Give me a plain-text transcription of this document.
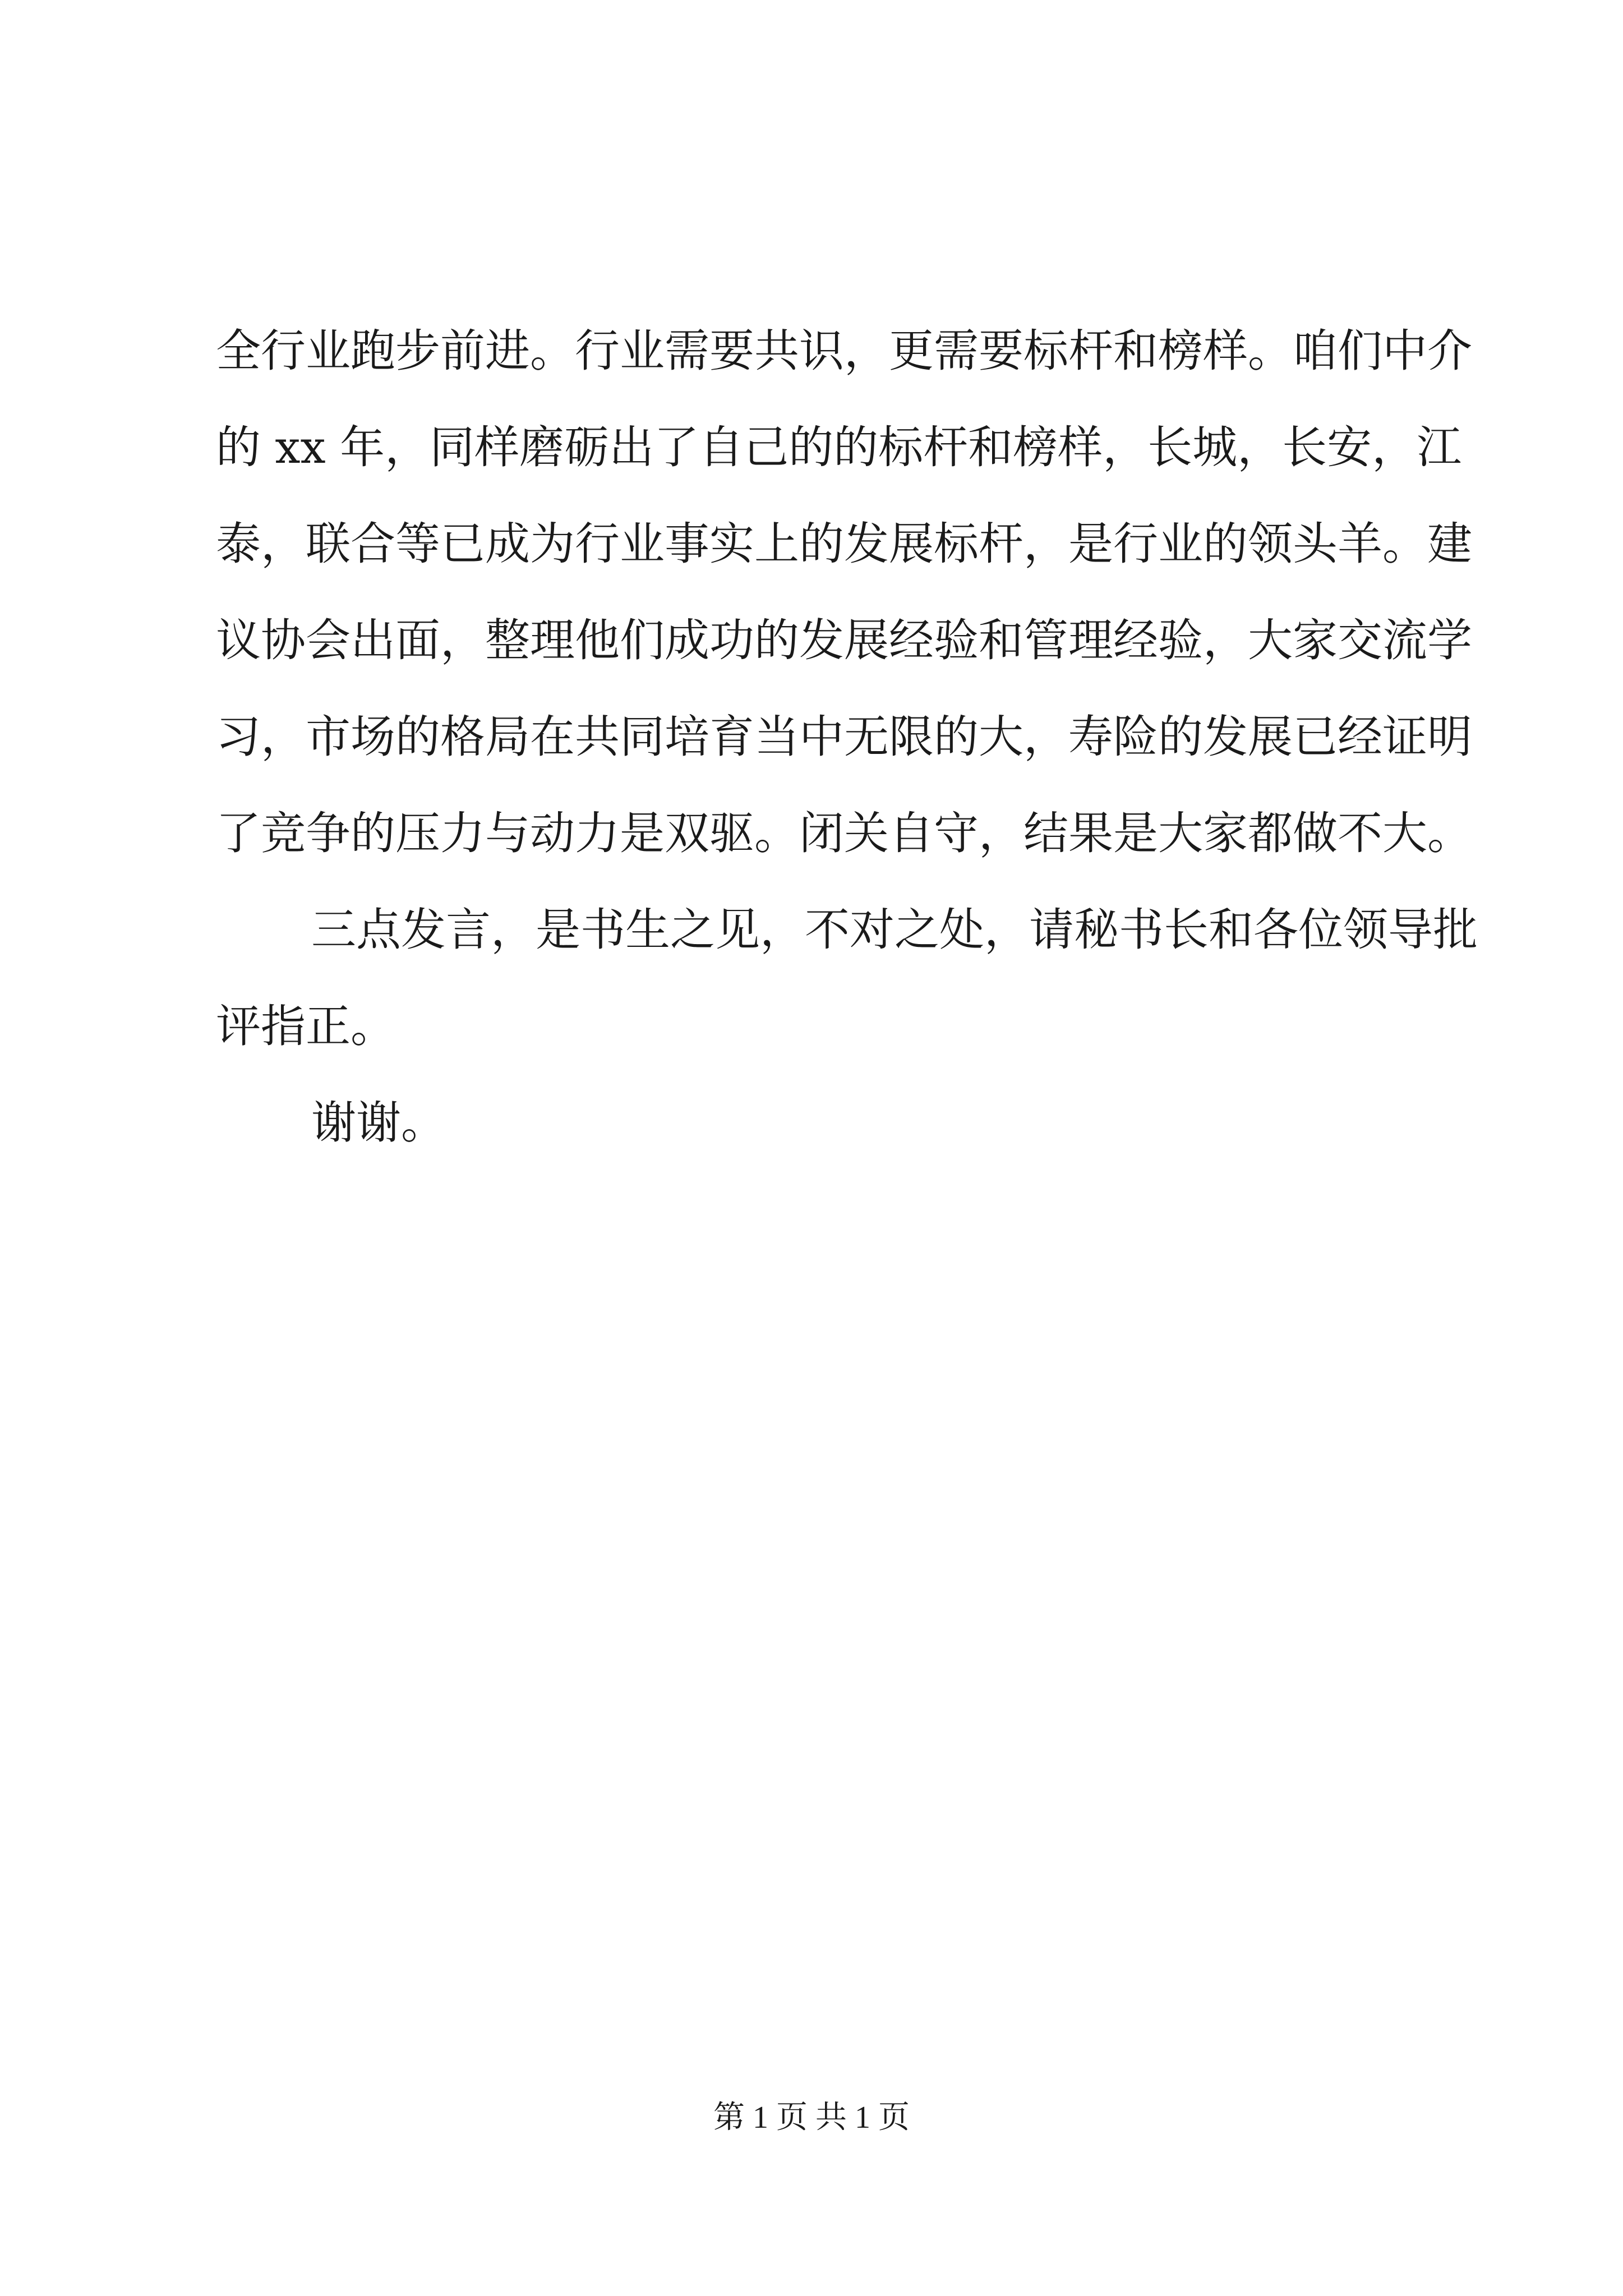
全行业跑步前进。行业需要共识，更需要标杆和榜样。咱们中介
的 xx 年，同样磨砺出了自己的的标杆和榜样，长城，长安，江
泰，联合等已成为行业事实上的发展标杆，是行业的领头羊。建
议协会出面，整理他们成功的发展经验和管理经验，大家交流学
习，市场的格局在共同培育当中无限的大，寿险的发展已经证明
了竞争的压力与动力是双驱。闭关自守，结果是大家都做不大。
三点发言，是书生之见，不对之处，请秘书长和各位领导批
评指正。
谢谢。
第 1 页 共 1 页
